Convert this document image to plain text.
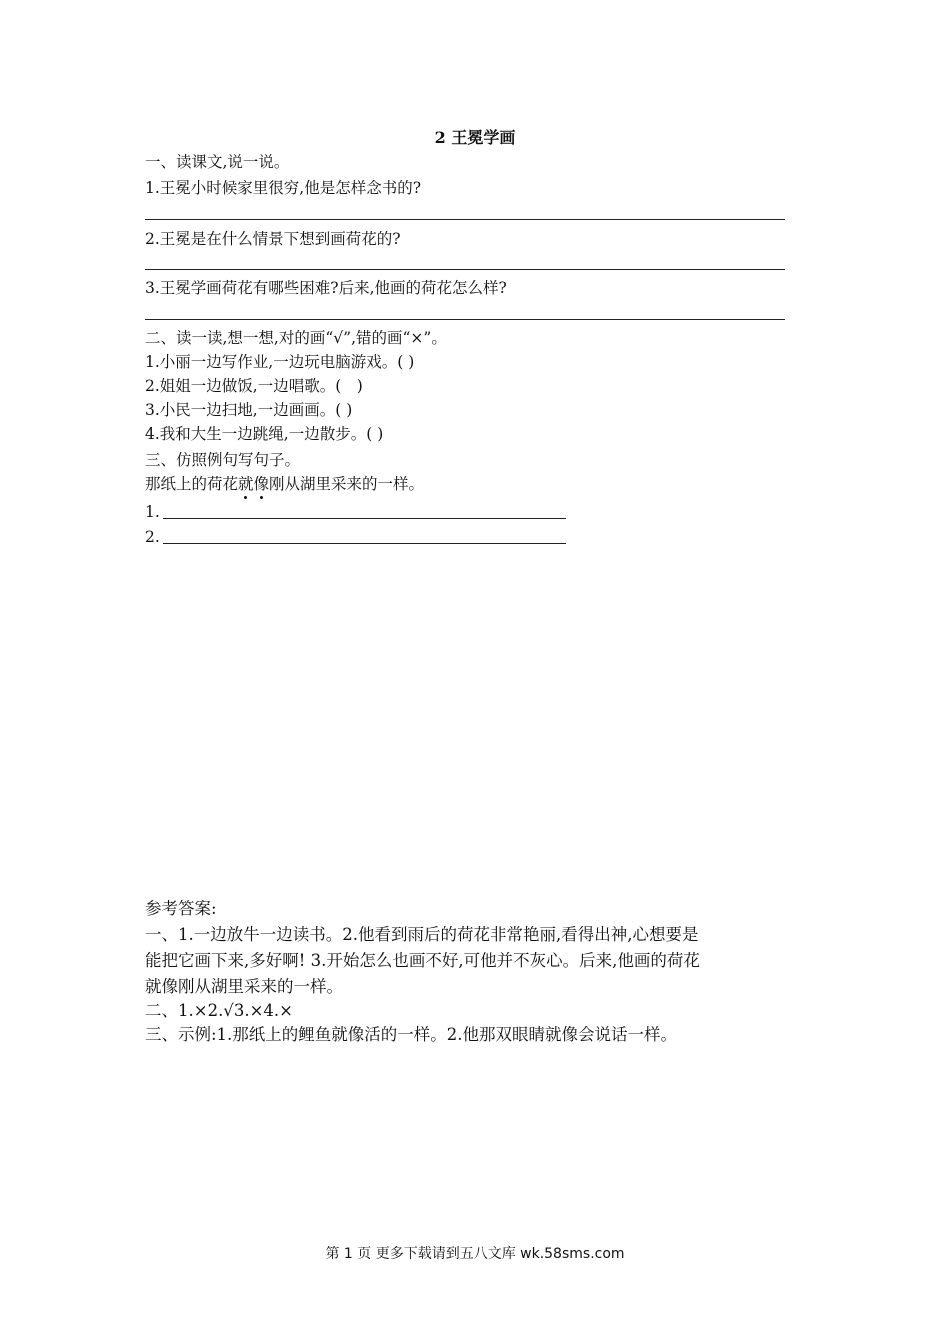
2 王冕学画
一、读课文,说一说。
1.王冕小时候家里很穷,他是怎样念书的?
2.王冕是在什么情景下想到画荷花的?
3.王冕学画荷花有哪些困难?后来,他画的荷花怎么样?
二、读一读,想一想,对的画“√”,错的画“×”。
1.小丽一边写作业,一边玩电脑游戏。( )
2.姐姐一边做饭,一边唱歌。(　)
3.小民一边扫地,一边画画。( )
4.我和大生一边跳绳,一边散步。( )
三、仿照例句写句子。
那纸上的荷花就像刚从湖里采来的一样。
1.
2.
参考答案:
一、1.一边放牛一边读书。2.他看到雨后的荷花非常艳丽,看得出神,心想要是
能把它画下来,多好啊! 3.开始怎么也画不好,可他并不灰心。后来,他画的荷花
就像刚从湖里采来的一样。
二、1.×2.√3.×4.×
三、示例:1.那纸上的鲤鱼就像活的一样。2.他那双眼睛就像会说话一样。
第 1 页 更多下载请到五八文库 wk.58sms.com
